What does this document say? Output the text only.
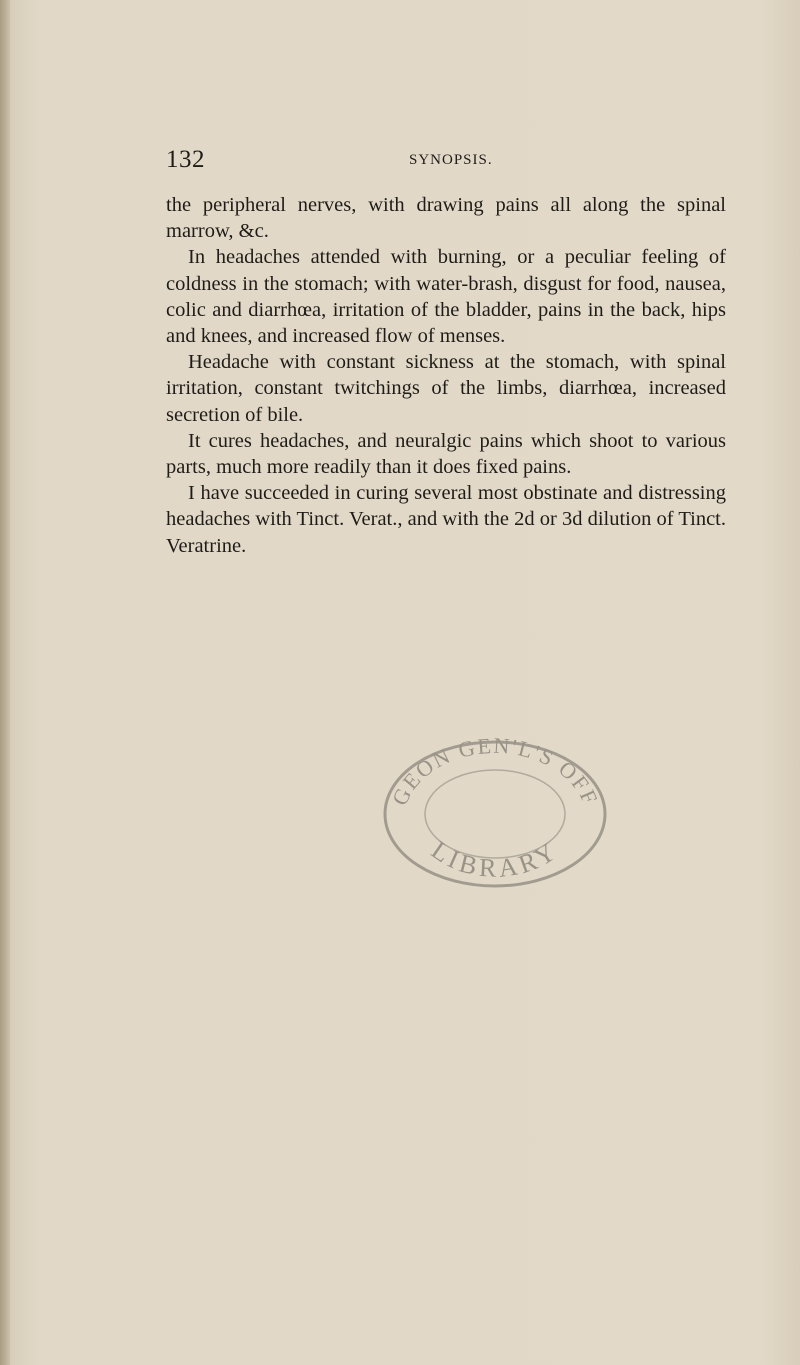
132	SYNOPSIS.

the peripheral nerves, with drawing pains all along the spinal marrow, &c.

In headaches attended with burning, or a peculiar feeling of coldness in the stomach; with water-brash, disgust for food, nausea, colic and diarrhœa, irritation of the bladder, pains in the back, hips and knees, and increased flow of menses.

Headache with constant sickness at the stomach, with spinal irritation, constant twitchings of the limbs, diarrhœa, increased secretion of bile.

It cures headaches, and neuralgic pains which shoot to various parts, much more readily than it does fixed pains.

I have succeeded in curing several most obstinate and distressing headaches with Tinct. Verat., and with the 2d or 3d dilution of Tinct. Veratrine.

GEON GEN'L'S OFF
LIBRARY
